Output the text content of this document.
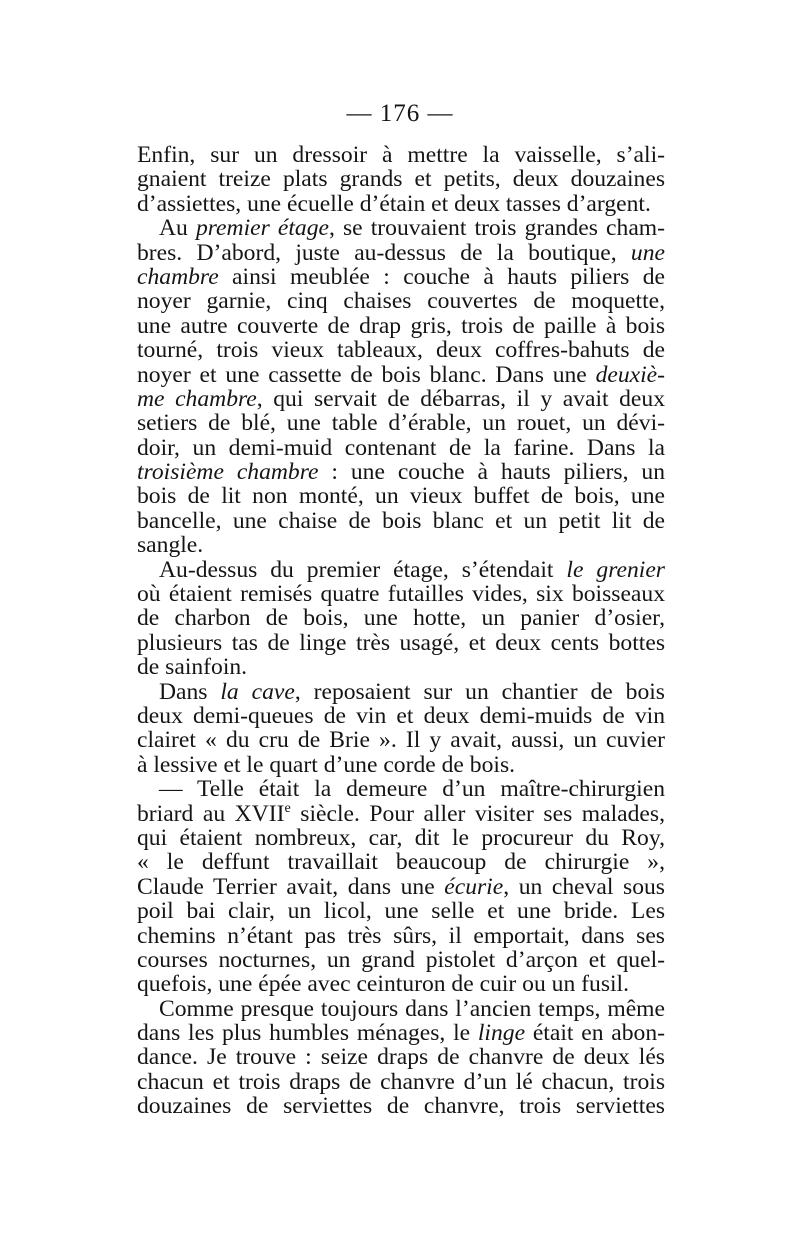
— 176 —
Enfin, sur un dressoir à mettre la vaisselle, s’ali-
gnaient treize plats grands et petits, deux douzaines
d’assiettes, une écuelle d’étain et deux tasses d’argent.
Au premier étage, se trouvaient trois grandes cham-
bres. D’abord, juste au-dessus de la boutique, une
chambre ainsi meublée : couche à hauts piliers de
noyer garnie, cinq chaises couvertes de moquette,
une autre couverte de drap gris, trois de paille à bois
tourné, trois vieux tableaux, deux coffres-bahuts de
noyer et une cassette de bois blanc. Dans une deuxiè-
me chambre, qui servait de débarras, il y avait deux
setiers de blé, une table d’érable, un rouet, un dévi-
doir, un demi-muid contenant de la farine. Dans la
troisième chambre : une couche à hauts piliers, un
bois de lit non monté, un vieux buffet de bois, une
bancelle, une chaise de bois blanc et un petit lit de
sangle.
Au-dessus du premier étage, s’étendait le grenier
où étaient remisés quatre futailles vides, six boisseaux
de charbon de bois, une hotte, un panier d’osier,
plusieurs tas de linge très usagé, et deux cents bottes
de sainfoin.
Dans la cave, reposaient sur un chantier de bois
deux demi-queues de vin et deux demi-muids de vin
clairet « du cru de Brie ». Il y avait, aussi, un cuvier
à lessive et le quart d’une corde de bois.
— Telle était la demeure d’un maître-chirurgien
briard au XVIIe siècle. Pour aller visiter ses malades,
qui étaient nombreux, car, dit le procureur du Roy,
« le deffunt travaillait beaucoup de chirurgie »,
Claude Terrier avait, dans une écurie, un cheval sous
poil bai clair, un licol, une selle et une bride. Les
chemins n’étant pas très sûrs, il emportait, dans ses
courses nocturnes, un grand pistolet d’arçon et quel-
quefois, une épée avec ceinturon de cuir ou un fusil.
Comme presque toujours dans l’ancien temps, même
dans les plus humbles ménages, le linge était en abon-
dance. Je trouve : seize draps de chanvre de deux lés
chacun et trois draps de chanvre d’un lé chacun, trois
douzaines de serviettes de chanvre, trois serviettes
